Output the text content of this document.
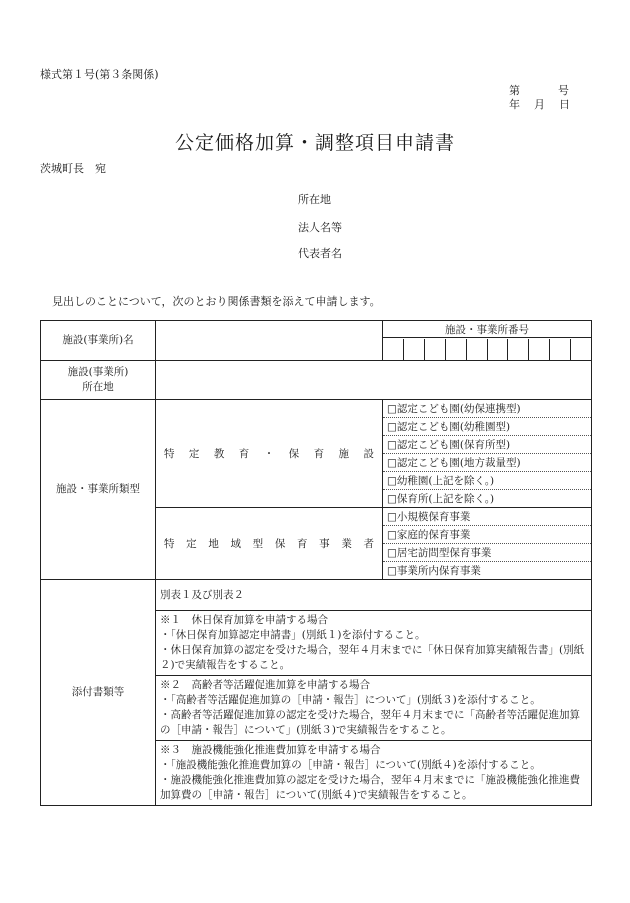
様式第１号(第３条関係)
第	号
年 月 日
公定価格加算・調整項目申請書
茨城町長　宛
所在地
法人名等
代表者名
見出しのことについて，次のとおり関係書類を添えて申請します。
施設(事業所)名		施設・事業所番号

施設(事業所)
所在地		

施設・事業所類型	特定教育・保育施設	□認定こども園(幼保連携型)
		□認定こども園(幼稚園型)
		□認定こども園(保育所型)
		□認定こども園(地方裁量型)
		□幼稚園(上記を除く。)
		□保育所(上記を除く。)
	特定地域型保育事業者	□小規模保育事業
		□家庭的保育事業
		□居宅訪問型保育事業
		□事業所内保育事業
添付書類等	別表１及び別表２	

	※１　休日保育加算を申請する場合
・「休日保育加算認定申請書」(別紙１)を添付すること。
・休日保育加算の認定を受けた場合，翌年４月末までに「休日保育加算実績報告書」(別紙２)で実績報告をすること。	

	※２　高齢者等活躍促進加算を申請する場合
・「高齢者等活躍促進加算の［申請・報告］について」(別紙３)を添付すること。
・高齢者等活躍促進加算の認定を受けた場合，翌年４月末までに「高齢者等活躍促進加算の［申請・報告］について」(別紙３)で実績報告をすること。	

	※３　施設機能強化推進費加算を申請する場合
・「施設機能強化推進費加算の［申請・報告］について(別紙４)を添付すること。
・施設機能強化推進費加算の認定を受けた場合，翌年４月末までに「施設機能強化推進費加算費の［申請・報告］について(別紙４)で実績報告をすること。	
